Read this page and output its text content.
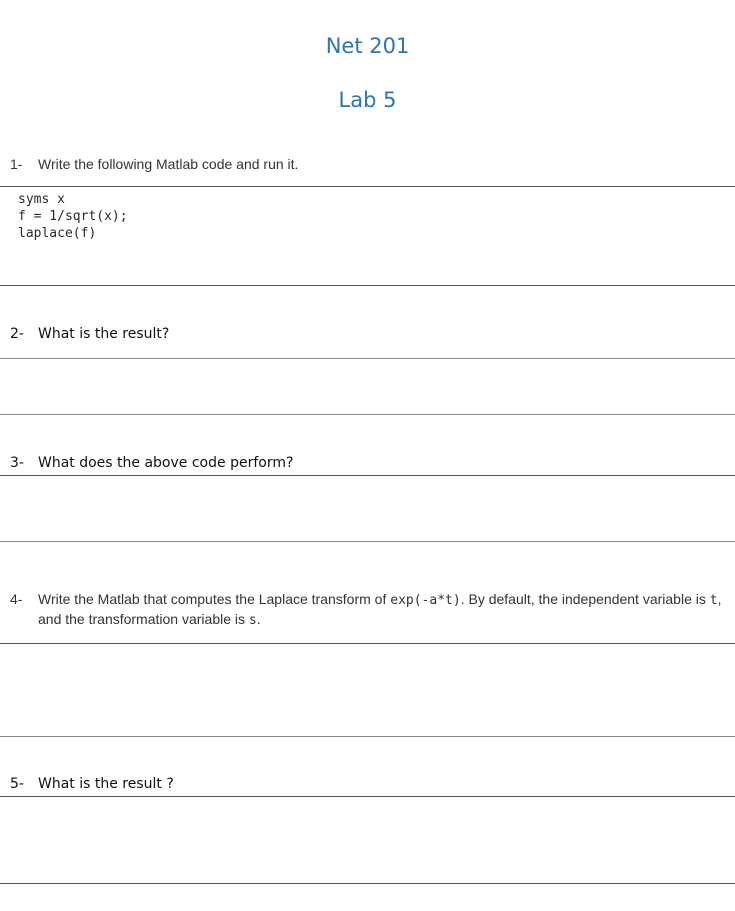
Net 201
Lab 5

1-	Write the following Matlab code and run it.

syms x
f = 1/sqrt(x);
laplace(f)

2-	What is the result?

3-	What does the above code perform?

4-	Write the Matlab that computes the Laplace transform of exp(-a*t). By default, the independent variable is t, and the transformation variable is s.

5-	What is the result ?
